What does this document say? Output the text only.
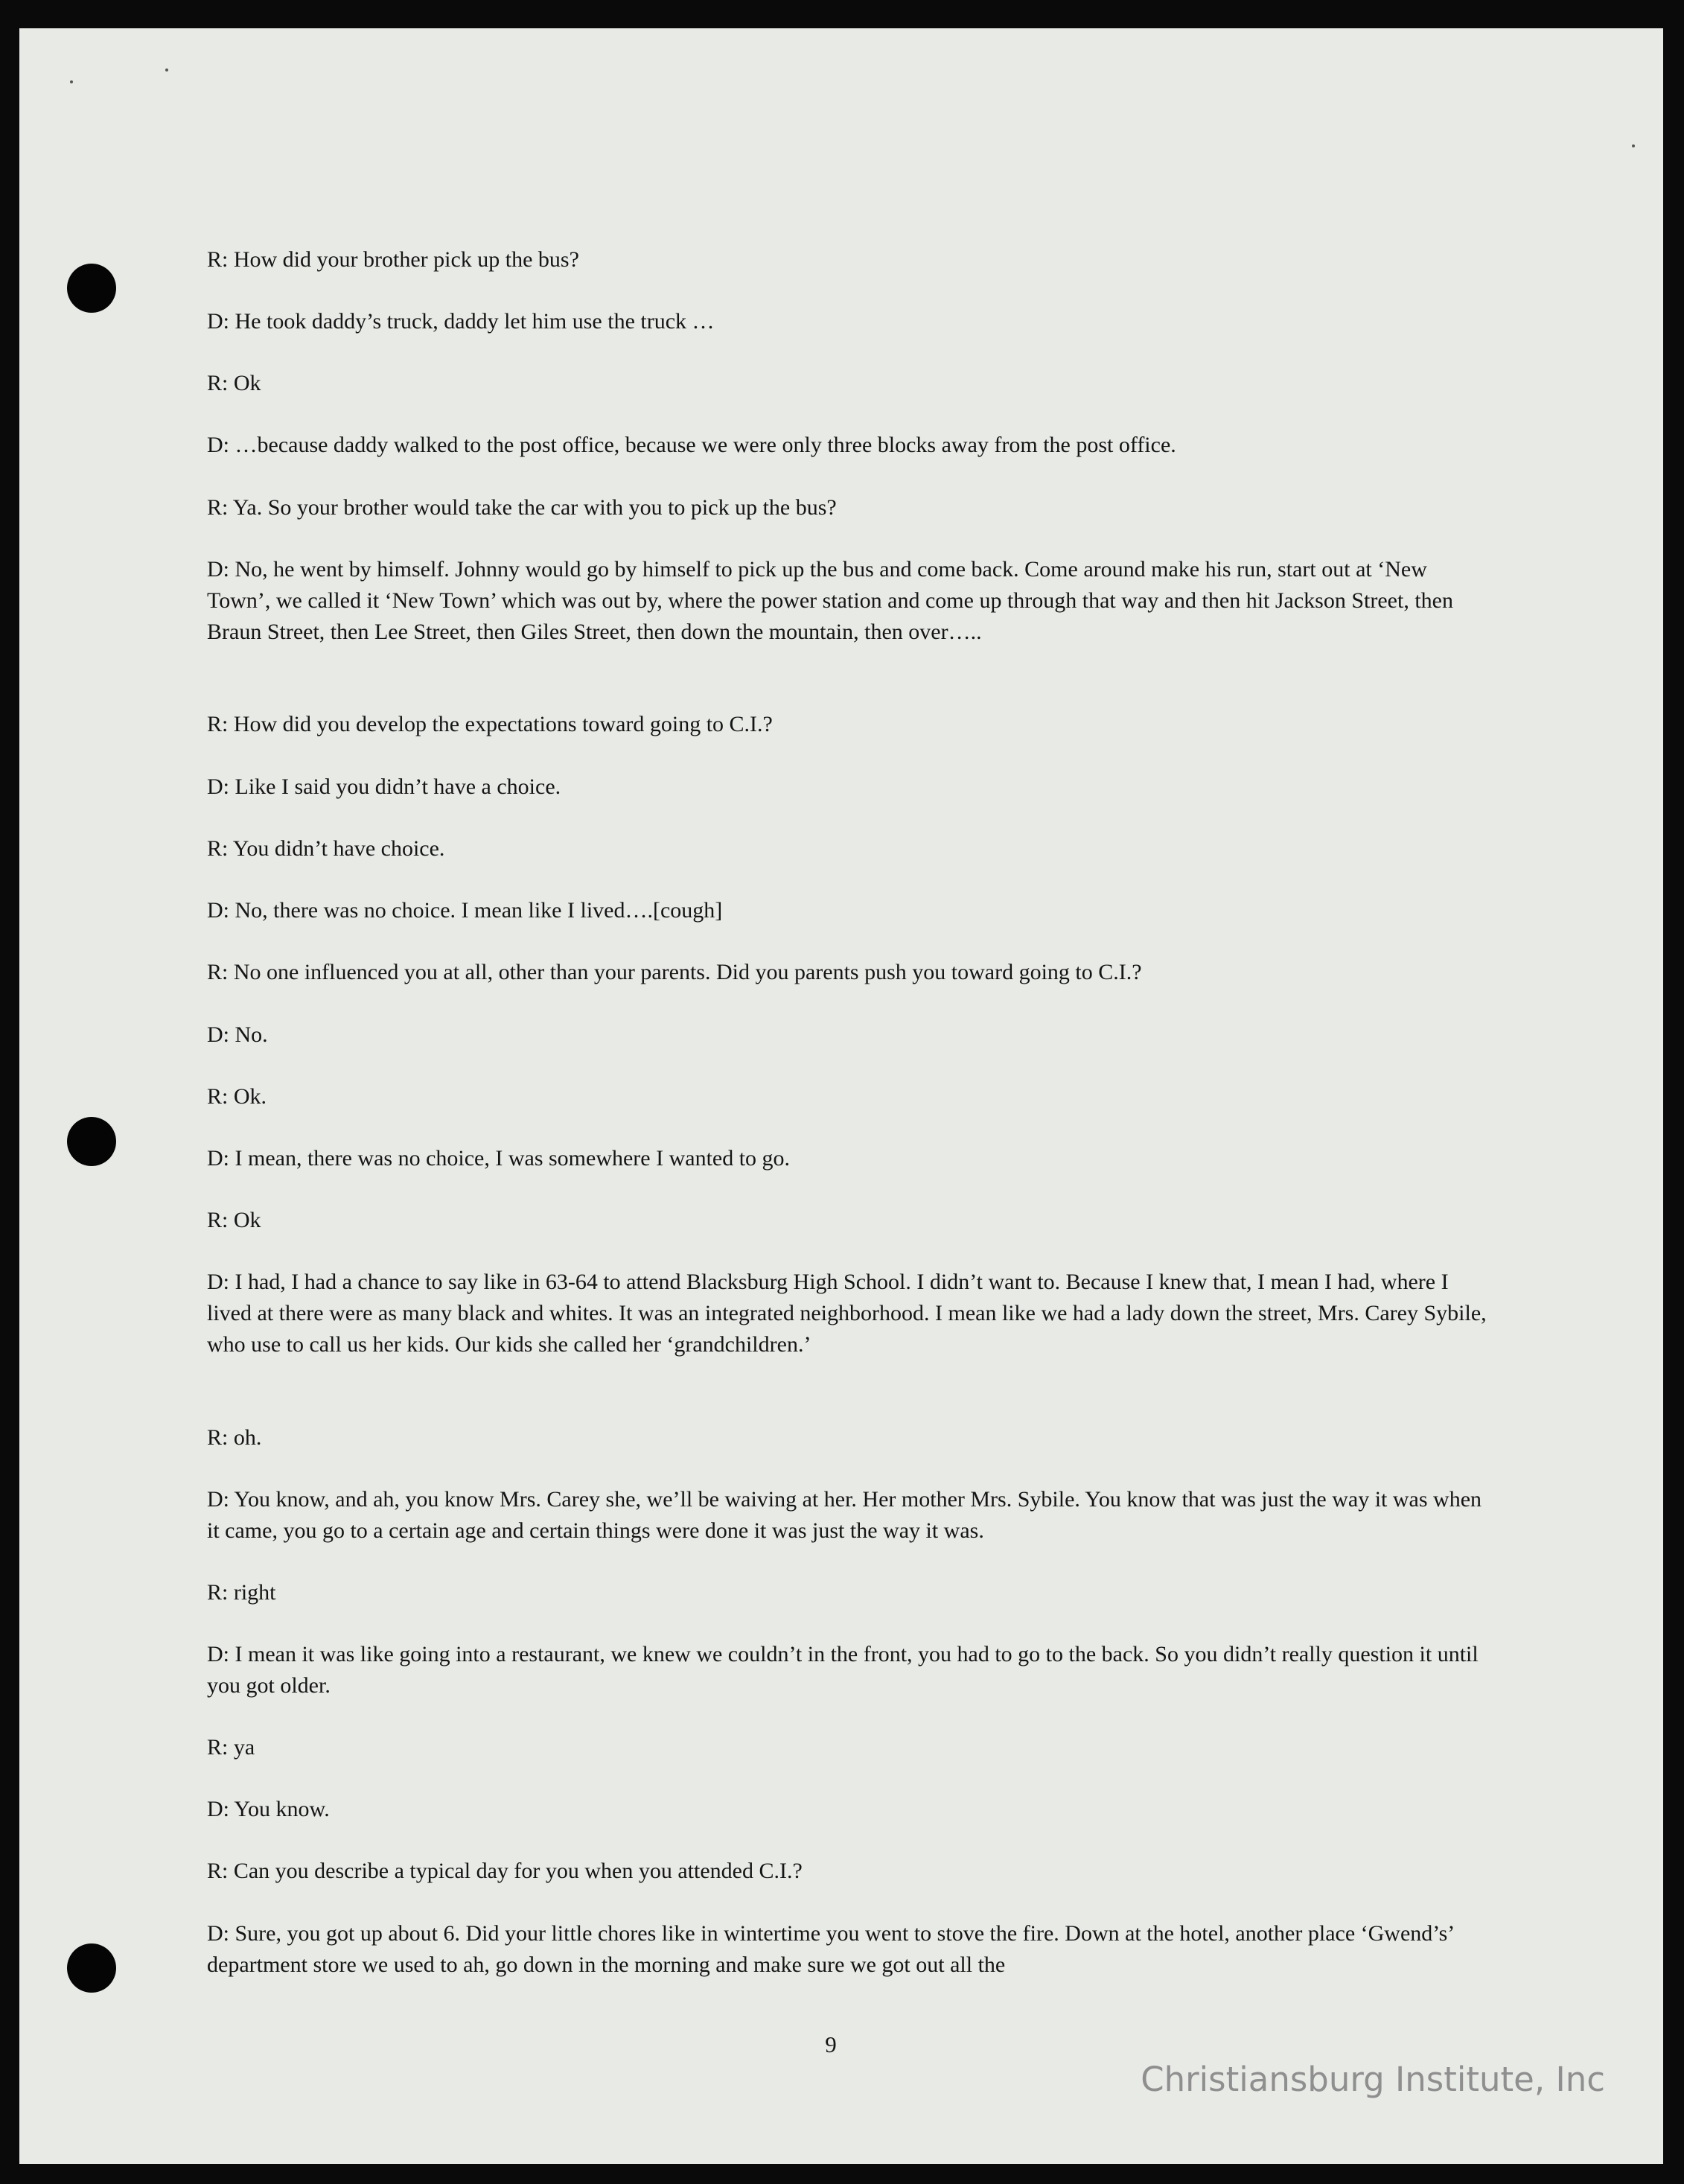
R: How did your brother pick up the bus?

D: He took daddy’s truck, daddy let him use the truck …

R: Ok

D: …because daddy walked to the post office, because we were only three blocks away from the post office.

R: Ya. So your brother would take the car with you to pick up the bus?

D: No, he went by himself. Johnny would go by himself to pick up the bus and come back. Come around make his run, start out at ‘New Town’, we called it ‘New Town’ which was out by, where the power station and come up through that way and then hit Jackson Street, then Braun Street, then Lee Street, then Giles Street, then down the mountain, then over…..

R: How did you develop the expectations toward going to C.I.?

D: Like I said you didn’t have a choice.

R: You didn’t have choice.

D: No, there was no choice. I mean like I lived….[cough]

R: No one influenced you at all, other than your parents. Did you parents push you toward going to C.I.?

D: No.

R: Ok.

D: I mean, there was no choice, I was somewhere I wanted to go.

R: Ok

D: I had, I had a chance to say like in 63-64 to attend Blacksburg High School. I didn’t want to. Because I knew that, I mean I had, where I lived at there were as many black and whites. It was an integrated neighborhood. I mean like we had a lady down the street, Mrs. Carey Sybile, who use to call us her kids. Our kids she called her ‘grandchildren.’

R: oh.

D: You know, and ah, you know Mrs. Carey she, we’ll be waiving at her. Her mother Mrs. Sybile. You know that was just the way it was when it came, you go to a certain age and certain things were done it was just the way it was.

R: right

D: I mean it was like going into a restaurant, we knew we couldn’t in the front, you had to go to the back. So you didn’t really question it until you got older.

R: ya

D: You know.

R: Can you describe a typical day for you when you attended C.I.?

D: Sure, you got up about 6. Did your little chores like in wintertime you went to stove the fire. Down at the hotel, another place ‘Gwend’s’ department store we used to ah, go down in the morning and make sure we got out all the

9
Christiansburg Institute, Inc
